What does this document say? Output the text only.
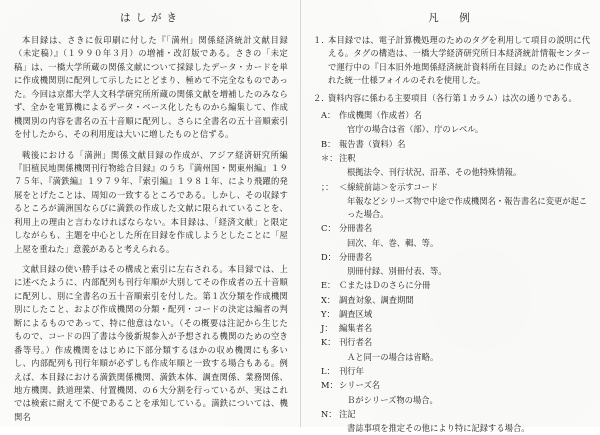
はしがき

本目録は、さきに仮印刷に付した『「満州」関係経済統計文献目録（未定稿）』（１９９０年３月）の増補・改訂版である。さきの「未定稿」は、一橋大学所蔵の関係文献について採録したデータ・カードを単に作成機関別に配列して示したにとどまり、極めて不完全なものであった。今回は京都大学人文科学研究所所蔵の関係文献を増補したのみならず、全かを電算機によるデータ・ベース化したものから編集して、作成機関別の内容を書名の五十音順に配列し、さらに全書名の五十音順索引を付したから、その利用度は大いに増したものと信ずる。

戦後における「満洲」関係文献目録の作成が、アジア経済研究所編『旧植民地関係機関刊行物総合目録』のうち『満州国・関東州編』１９７５年、『満鉄編』１９７９年、『索引編』１９８１年、により飛躍的発展をとげたことは、周知の一致するところである。しかし、その収録するところが満洲国ならびに満鉄の作成した文献に限られていることを、利用上の理由と言わなければならない。本目録は、「経済文献」と限定しながらも、主題を中心とした所在目録を作成しようとしたことに「屋上屋を重ねた」意義があると考えられる。

文献目録の使い勝手はその構成と索引に左右される。本目録では、上に述べたように、内部配列も刊行年順が大別してその作成者の五十音順に配列し、別に全書名の五十音順索引を付した。第１次分類を作成機関別にしたこと、および作成機関の分類・配列・コードの決定は編者の判断によるものであって、特に他意はない。（その概要は注記から生じたもので、コードの四了書は今後新規参入が予想される機関のための空き番等号。）作成機関をはじめに下部分類するほかの収め機関にも多いし、内部配列も刊行年順が必ずしも作成年順と一致する場合もある。例えば、本目録における満鉄関係機関、満鉄本体、調査関係、業務関係、地方機関、鉄道理業、付置機関、の６大分割を行っているが、実はこれでは検索に耐えて不便であることを承知している。満鉄については、機関名

凡　例
１．
本目録では、電子計算機処理のためのタグを利用して項目の説明に代える。タグの構造は、一橋大学経済研究所日本経済統計情報センターで運行中の『日本旧外地関係経済統計資料所在目録』のために作成された統一仕様フォイルのそれを使用した。
２．
資料内容に係わる主要項目（各行第１カラム）は次の通りである。
A： 作成機関（作成者）名
官庁の場合は省（部）、庁のレベル。
B： 報告書（資料）名
＊： 注釈
根拠法令、刊行状況、沿革、その他特殊情報。
；： ＜線続前誌＞を示すコード
年報などシリーズ物で中途で作成機関名・報告書名に変更が起こった場合。
C： 分冊書名
回次、年、巻、輯、等。
D： 分冊書名
別冊付録、別冊付表、等。
E： ＣまたはＤのさらに分冊
X： 調査対象、調査期間
Y： 調査区域
J： 編集者名
K： 刊行者名
Ａと同一の場合は省略。
L： 刊行年
M： シリーズ名
Ｂがシリーズ物の場合。
N： 注記
書誌事項を推定その他により特に記録する場合。
